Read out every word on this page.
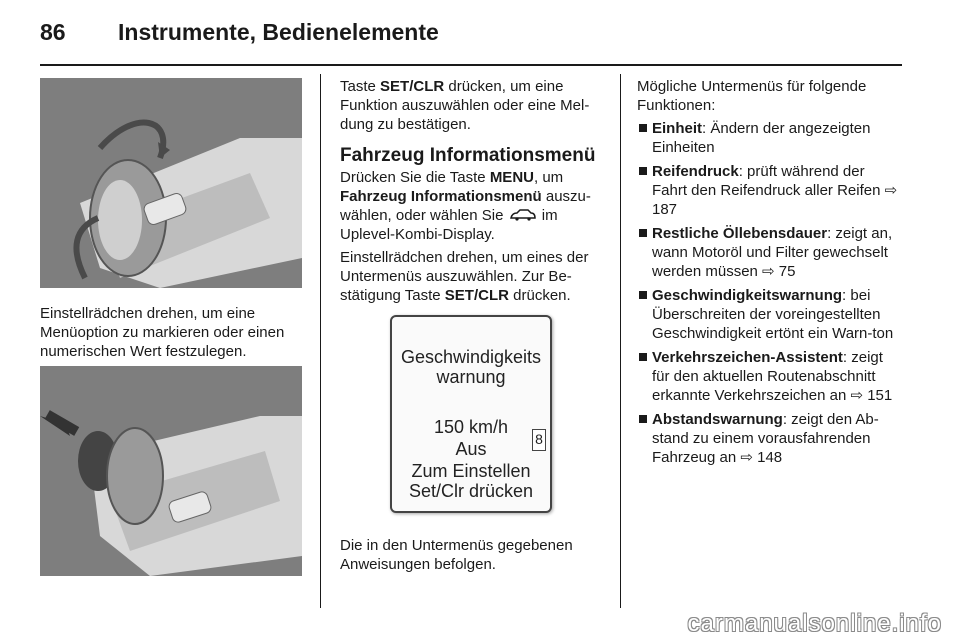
86	Instrumente, Bedienelemente
Einstellrädchen drehen, um eine Menüoption zu markieren oder einen numerischen Wert festzulegen.
Taste SET/CLR drücken, um eine Funktion auszuwählen oder eine Mel-dung zu bestätigen.
Fahrzeug Informationsmenü
Drücken Sie die Taste MENU, um Fahrzeug Informationsmenü auszu-wählen, oder wählen Sie  im Uplevel-Kombi-Display.
Einstellrädchen drehen, um eines der Untermenüs auszuwählen. Zur Be-stätigung Taste SET/CLR drücken.
Geschwindigkeits warnung
150 km/h
Aus
Zum Einstellen Set/Clr drücken
8
Die in den Untermenüs gegebenen Anweisungen befolgen.
Mögliche Untermenüs für folgende Funktionen:
Einheit: Ändern der angezeigten Einheiten
Reifendruck: prüft während der Fahrt den Reifendruck aller Reifen ⇨ 187
Restliche Öllebensdauer: zeigt an, wann Motoröl und Filter gewechselt werden müssen ⇨ 75
Geschwindigkeitswarnung: bei Überschreiten der voreingestellten Geschwindigkeit ertönt ein Warn-ton
Verkehrszeichen-Assistent: zeigt für den aktuellen Routenabschnitt erkannte Verkehrszeichen an ⇨ 151
Abstandswarnung: zeigt den Ab-stand zu einem vorausfahrenden Fahrzeug an ⇨ 148
carmanualsonline.info
